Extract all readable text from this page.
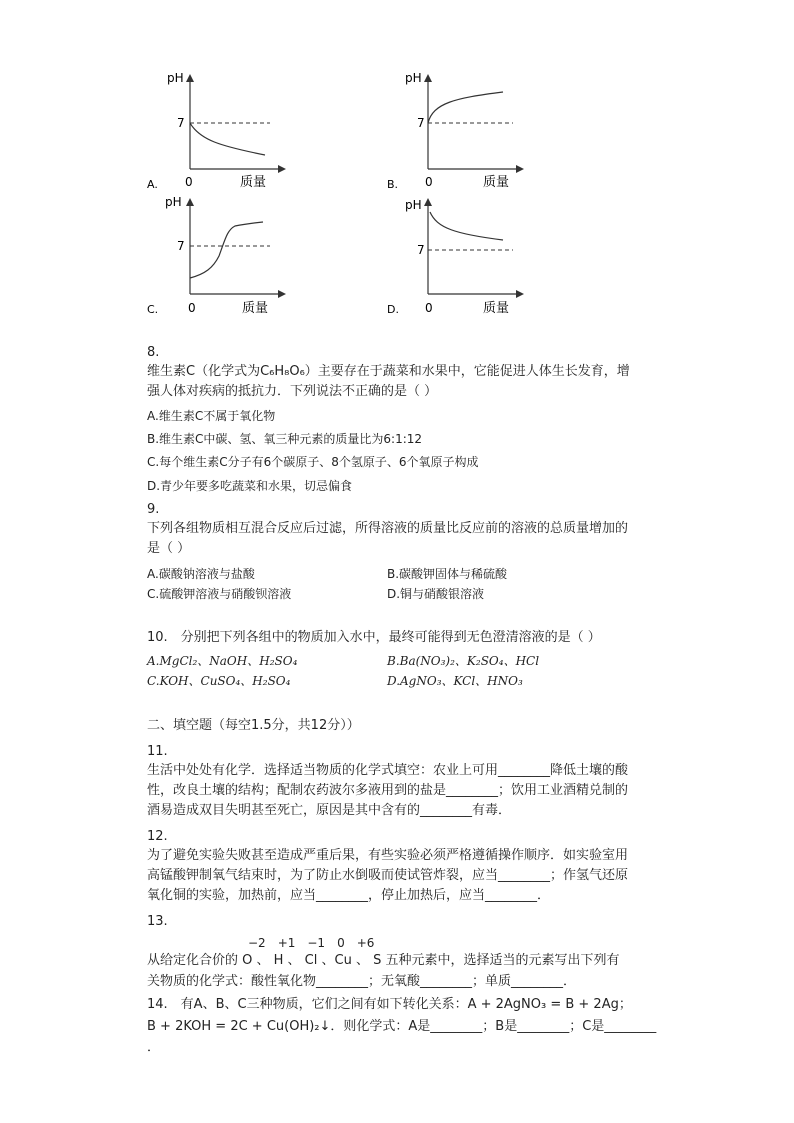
A.
pH
7
0	质量	B.
pH
7
0	质量
C.
pH
7
0	质量	D.
pH
7
0	质量
8.
维生素C（化学式为C₆H₈O₆）主要存在于蔬菜和水果中，它能促进人体生长发育，增
强人体对疾病的抵抗力．下列说法不正确的是（ ）
A.维生素C不属于氧化物
B.维生素C中碳、氢、氧三种元素的质量比为6:1:12
C.每个维生素C分子有6个碳原子、8个氢原子、6个氧原子构成
D.青少年要多吃蔬菜和水果，切忌偏食
9.
下列各组物质相互混合反应后过滤，所得溶液的质量比反应前的溶液的总质量增加的
是（ ）
A.碳酸钠溶液与盐酸	B.碳酸钾固体与稀硫酸
C.硫酸钾溶液与硝酸钡溶液	D.铜与硝酸银溶液
10.　分别把下列各组中的物质加入水中，最终可能得到无色澄清溶液的是（ ）
A.MgCl₂、NaOH、H₂SO₄	B.Ba(NO₃)₂、K₂SO₄、HCl
C.KOH、CuSO₄、H₂SO₄	D.AgNO₃、KCl、HNO₃
二、填空题（每空1.5分，共12分））
11.
生活中处处有化学．选择适当物质的化学式填空：农业上可用________降低土壤的酸
性，改良土壤的结构；配制农药波尔多液用到的盐是________；饮用工业酒精兑制的
酒易造成双目失明甚至死亡，原因是其中含有的________有毒．
12.
为了避免实验失败甚至造成严重后果，有些实验必须严格遵循操作顺序．如实验室用
高锰酸钾制氧气结束时，为了防止水倒吸而使试管炸裂，应当________；作氢气还原
氧化铜的实验，加热前，应当________，停止加热后，应当________．
13.
−2　+1　−1　0　+6
从给定化合价的 O 、 H 、 Cl 、Cu 、 S 五种元素中，选择适当的元素写出下列有
关物质的化学式：酸性氧化物________；无氧酸________；单质________．
14.　有A、B、C三种物质，它们之间有如下转化关系：A + 2AgNO₃ = B + 2Ag；
B + 2KOH = 2C + Cu(OH)₂↓．则化学式：A是________；B是________；C是________
．
